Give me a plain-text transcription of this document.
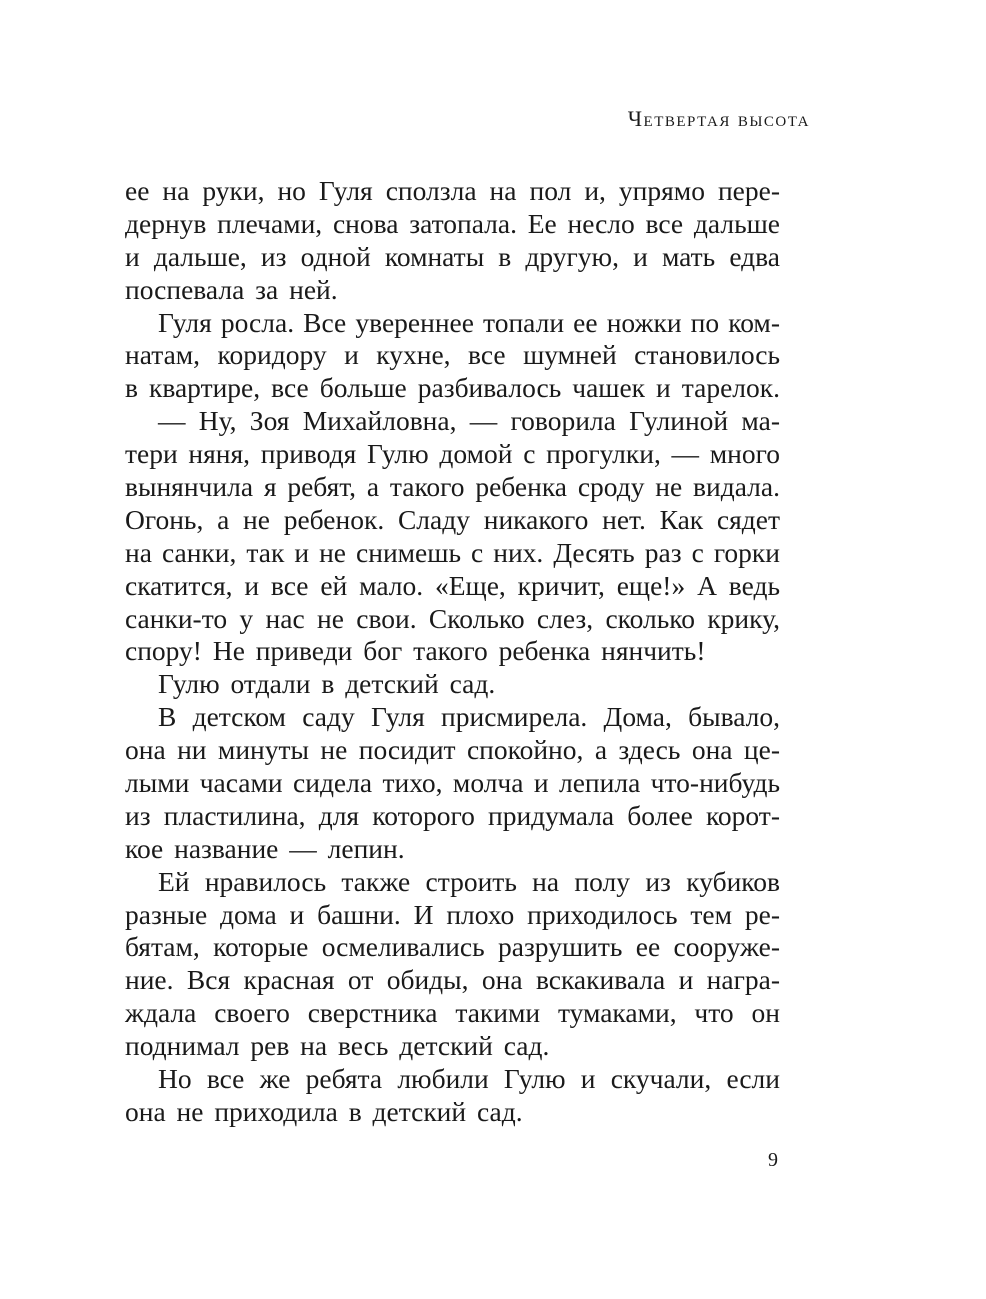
Четвертая высота
ее на руки, но Гуля сползла на пол и, упрямо пере-
дернув плечами, снова затопала. Ее несло все дальше
и дальше, из одной комнаты в другую, и мать едва
поспевала за ней.
Гуля росла. Все увереннее топали ее ножки по ком-
натам, коридору и кухне, все шумней становилось
в квартире, все больше разбивалось чашек и тарелок.
— Ну, Зоя Михайловна, — говорила Гулиной ма-
тери няня, приводя Гулю домой с прогулки, — много
вынянчила я ребят, а такого ребенка сроду не видала.
Огонь, а не ребенок. Сладу никакого нет. Как сядет
на санки, так и не снимешь с них. Десять раз с горки
скатится, и все ей мало. «Еще, кричит, еще!» А ведь
санки-то у нас не свои. Сколько слез, сколько крику,
спору! Не приведи бог такого ребенка нянчить!
Гулю отдали в детский сад.
В детском саду Гуля присмирела. Дома, бывало,
она ни минуты не посидит спокойно, а здесь она це-
лыми часами сидела тихо, молча и лепила что-нибудь
из пластилина, для которого придумала более корот-
кое название — лепин.
Ей нравилось также строить на полу из кубиков
разные дома и башни. И плохо приходилось тем ре-
бятам, которые осмеливались разрушить ее сооруже-
ние. Вся красная от обиды, она вскакивала и награ-
ждала своего сверстника такими тумаками, что он
поднимал рев на весь детский сад.
Но все же ребята любили Гулю и скучали, если
она не приходила в детский сад.
9
